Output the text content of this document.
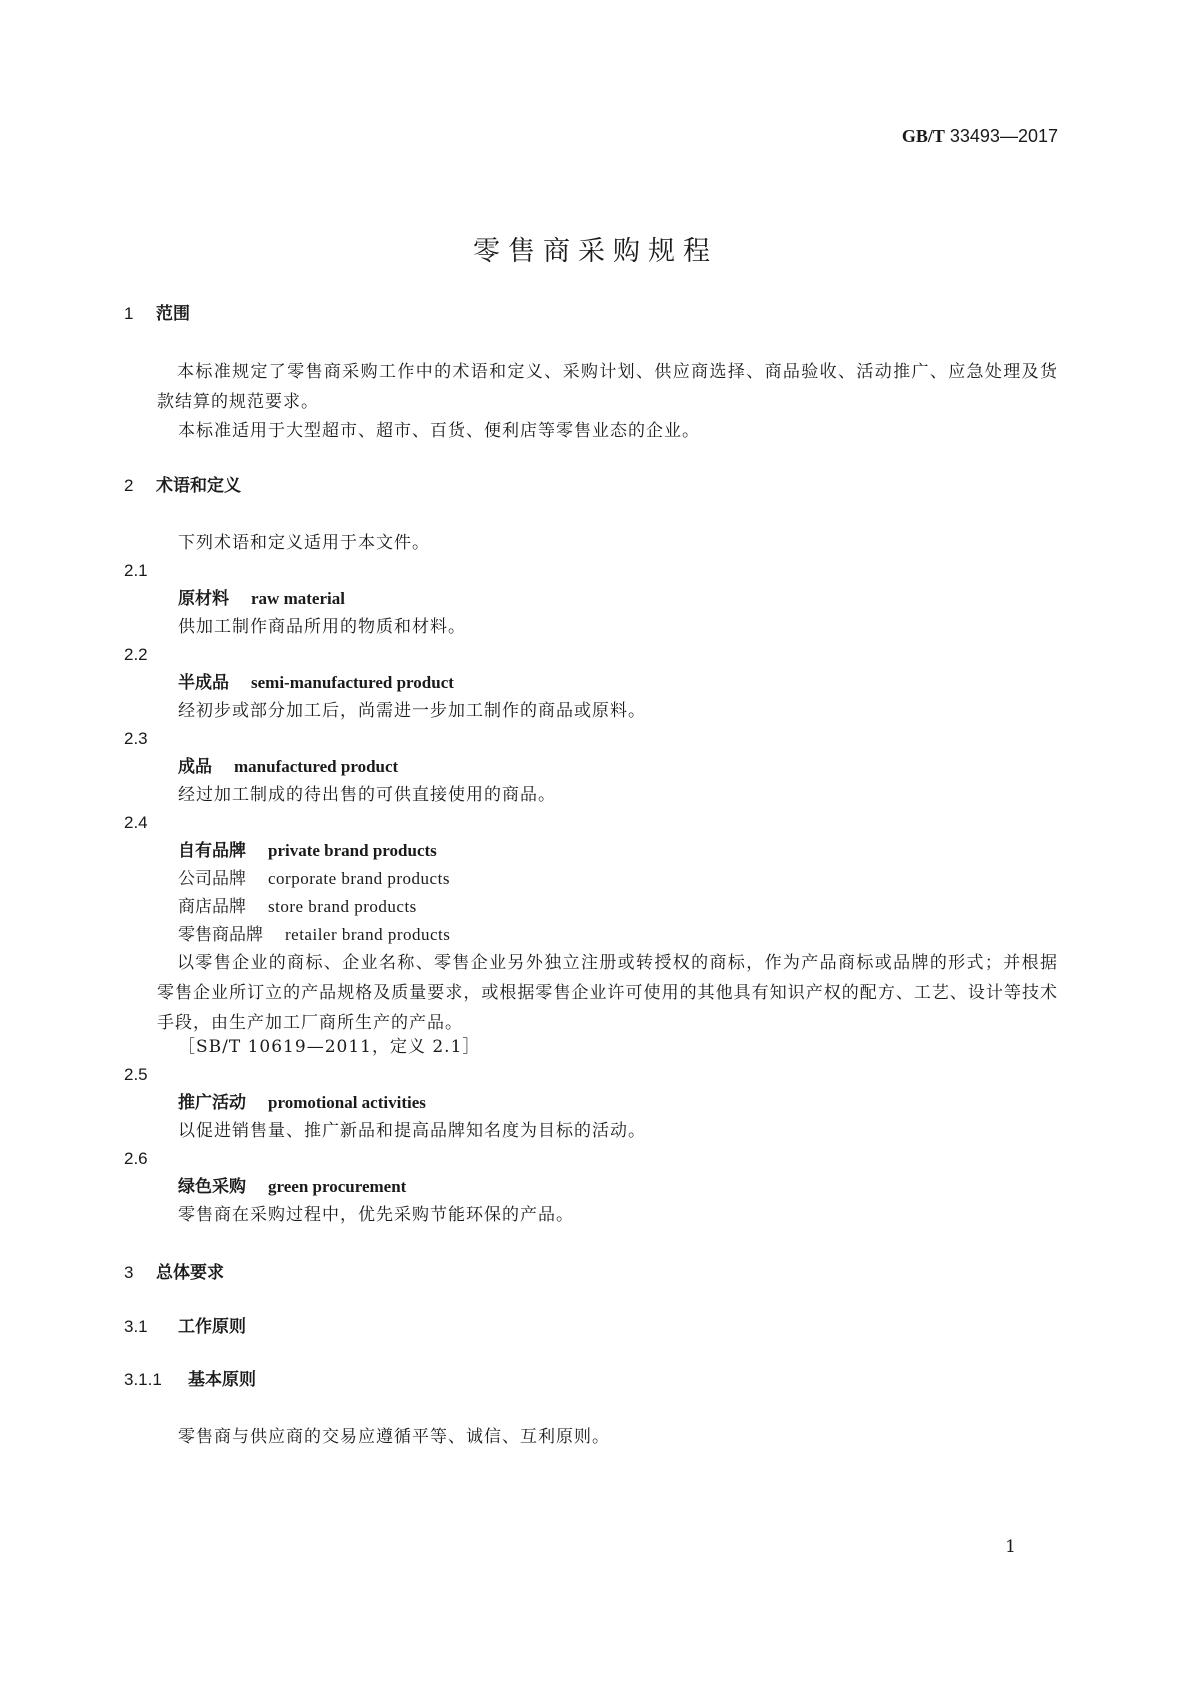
GB/T 33493—2017
零售商采购规程
1 范围
本标准规定了零售商采购工作中的术语和定义、采购计划、供应商选择、商品验收、活动推广、应急处理及货款结算的规范要求。
本标准适用于大型超市、超市、百货、便利店等零售业态的企业。
2 术语和定义
下列术语和定义适用于本文件。
2.1
原材料 raw material
供加工制作商品所用的物质和材料。
2.2
半成品 semi-manufactured product
经初步或部分加工后，尚需进一步加工制作的商品或原料。
2.3
成品 manufactured product
经过加工制成的待出售的可供直接使用的商品。
2.4
自有品牌 private brand products
公司品牌 corporate brand products
商店品牌 store brand products
零售商品牌 retailer brand products
以零售企业的商标、企业名称、零售企业另外独立注册或转授权的商标，作为产品商标或品牌的形式；并根据零售企业所订立的产品规格及质量要求，或根据零售企业许可使用的其他具有知识产权的配方、工艺、设计等技术手段，由生产加工厂商所生产的产品。
［SB/T 10619—2011，定义 2.1］
2.5
推广活动 promotional activities
以促进销售量、推广新品和提高品牌知名度为目标的活动。
2.6
绿色采购 green procurement
零售商在采购过程中，优先采购节能环保的产品。
3 总体要求
3.1 工作原则
3.1.1 基本原则
零售商与供应商的交易应遵循平等、诚信、互利原则。
1
